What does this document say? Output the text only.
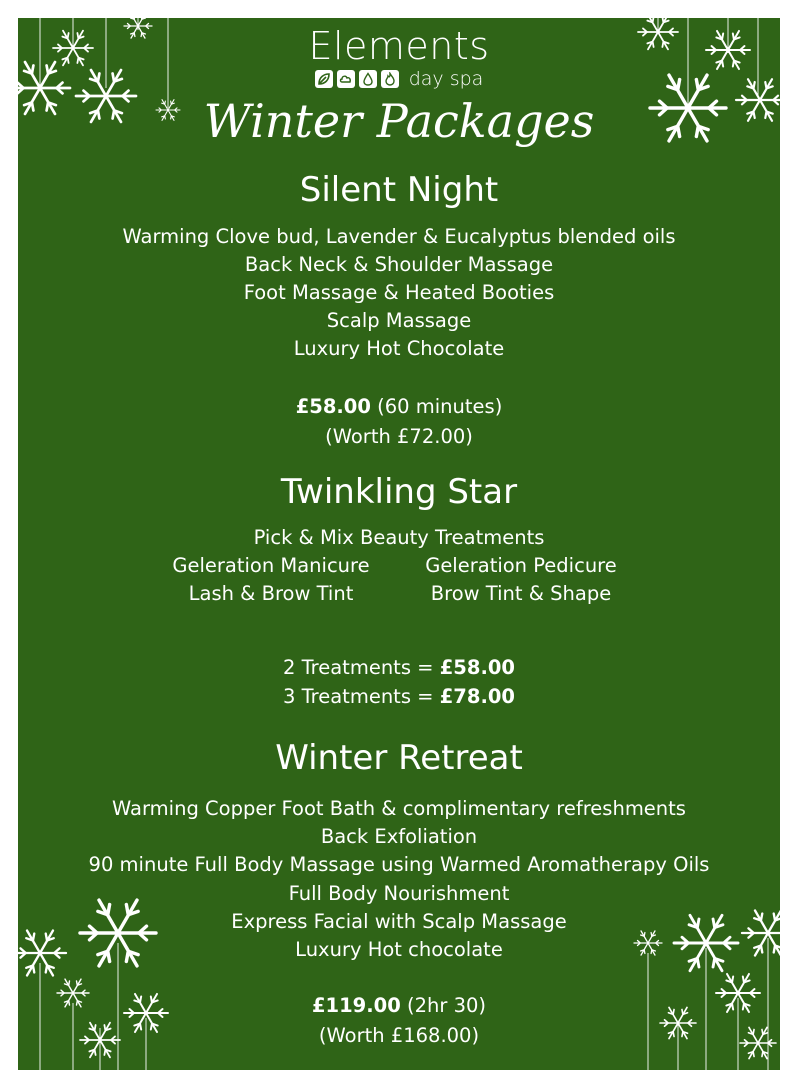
Elements
day spa
Winter Packages
Silent Night
Warming Clove bud, Lavender & Eucalyptus blended oils
Back Neck & Shoulder Massage
Foot Massage & Heated Booties
Scalp Massage
Luxury Hot Chocolate
£58.00 (60 minutes)
(Worth £72.00)
Twinkling Star
Pick & Mix Beauty Treatments
Geleration Manicure
Lash & Brow Tint
Geleration Pedicure
Brow Tint & Shape
2 Treatments = £58.00
3 Treatments = £78.00
Winter Retreat
Warming Copper Foot Bath & complimentary refreshments
Back Exfoliation
90 minute Full Body Massage using Warmed Aromatherapy Oils
Full Body Nourishment
Express Facial with Scalp Massage
Luxury Hot chocolate
£119.00 (2hr 30)
(Worth £168.00)
